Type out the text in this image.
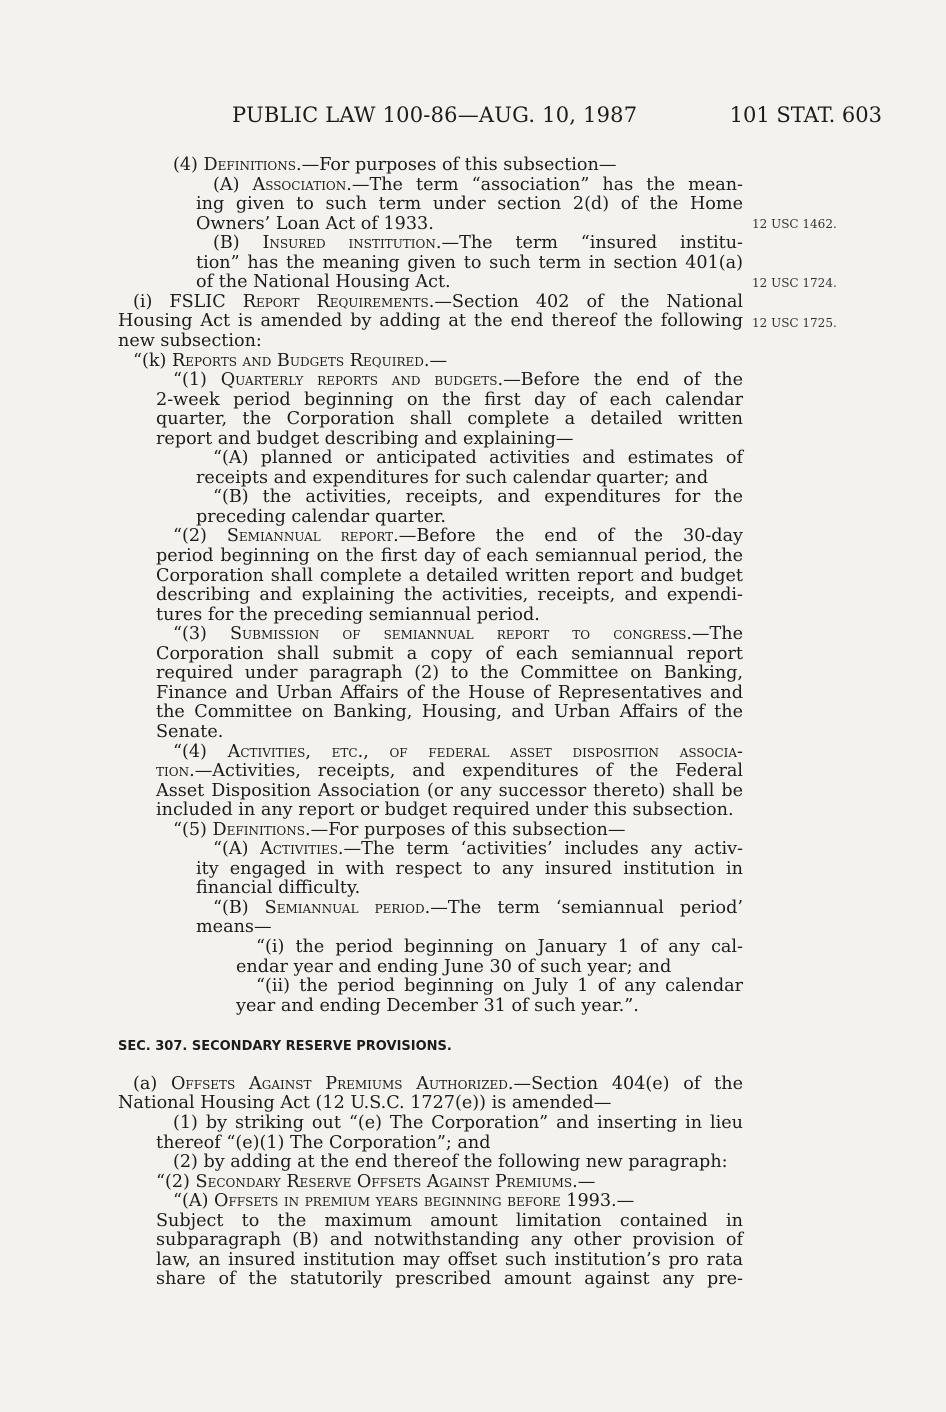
PUBLIC LAW 100-86—AUG. 10, 1987	101 STAT. 603
12 USC 1462.
12 USC 1724.
12 USC 1725.
(4) Definitions.—For purposes of this subsection—
(A) Association.—The term “association” has the mean-
ing given to such term under section 2(d) of the Home
Owners’ Loan Act of 1933.
(B) Insured institution.—The term “insured institu-
tion” has the meaning given to such term in section 401(a)
of the National Housing Act.
(i) FSLIC Report Requirements.—Section 402 of the National
Housing Act is amended by adding at the end thereof the following
new subsection:
“(k) Reports and Budgets Required.—
“(1) Quarterly reports and budgets.—Before the end of the
2-week period beginning on the first day of each calendar
quarter, the Corporation shall complete a detailed written
report and budget describing and explaining—
“(A) planned or anticipated activities and estimates of
receipts and expenditures for such calendar quarter; and
“(B) the activities, receipts, and expenditures for the
preceding calendar quarter.
“(2) Semiannual report.—Before the end of the 30-day
period beginning on the first day of each semiannual period, the
Corporation shall complete a detailed written report and budget
describing and explaining the activities, receipts, and expendi-
tures for the preceding semiannual period.
“(3) Submission of semiannual report to congress.—The
Corporation shall submit a copy of each semiannual report
required under paragraph (2) to the Committee on Banking,
Finance and Urban Affairs of the House of Representatives and
the Committee on Banking, Housing, and Urban Affairs of the
Senate.
“(4) Activities, etc., of federal asset disposition associa-
tion.—Activities, receipts, and expenditures of the Federal
Asset Disposition Association (or any successor thereto) shall be
included in any report or budget required under this subsection.
“(5) Definitions.—For purposes of this subsection—
“(A) Activities.—The term ‘activities’ includes any activ-
ity engaged in with respect to any insured institution in
financial difficulty.
“(B) Semiannual period.—The term ‘semiannual period’
means—
“(i) the period beginning on January 1 of any cal-
endar year and ending June 30 of such year; and
“(ii) the period beginning on July 1 of any calendar
year and ending December 31 of such year.”.
SEC. 307. SECONDARY RESERVE PROVISIONS.
(a) Offsets Against Premiums Authorized.—Section 404(e) of the
National Housing Act (12 U.S.C. 1727(e)) is amended—
(1) by striking out “(e) The Corporation” and inserting in lieu
thereof “(e)(1) The Corporation”; and
(2) by adding at the end thereof the following new paragraph:
“(2) Secondary Reserve Offsets Against Premiums.—
“(A) Offsets in premium years beginning before 1993.—
Subject to the maximum amount limitation contained in
subparagraph (B) and notwithstanding any other provision of
law, an insured institution may offset such institution’s pro rata
share of the statutorily prescribed amount against any pre-
